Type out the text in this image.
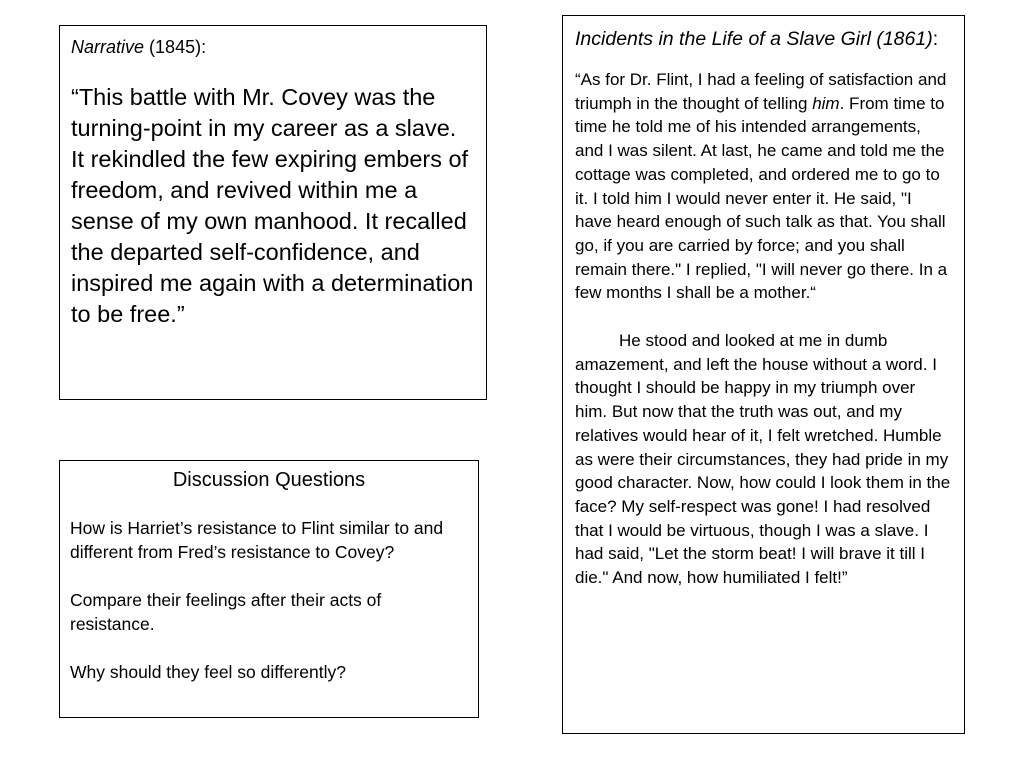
Narrative (1845):

“This battle with Mr. Covey was the turning-point in my career as a slave. It rekindled the few expiring embers of freedom, and revived within me a sense of my own manhood. It recalled the departed self-confidence, and inspired me again with a determination to be free.”

Discussion Questions

How is Harriet’s resistance to Flint similar to and different from Fred’s resistance to Covey?

Compare their feelings after their acts of resistance.

Why should they feel so differently?

Incidents in the Life of a Slave Girl (1861):

“As for Dr. Flint, I had a feeling of satisfaction and triumph in the thought of telling him. From time to time he told me of his intended arrangements, and I was silent. At last, he came and told me the cottage was completed, and ordered me to go to it. I told him I would never enter it. He said, "I have heard enough of such talk as that. You shall go, if you are carried by force; and you shall remain there." I replied, "I will never go there. In a few months I shall be a mother.“

He stood and looked at me in dumb amazement, and left the house without a word. I thought I should be happy in my triumph over him. But now that the truth was out, and my relatives would hear of it, I felt wretched. Humble as were their circumstances, they had pride in my good character. Now, how could I look them in the face? My self-respect was gone! I had resolved that I would be virtuous, though I was a slave. I had said, "Let the storm beat! I will brave it till I die." And now, how humiliated I felt!”
